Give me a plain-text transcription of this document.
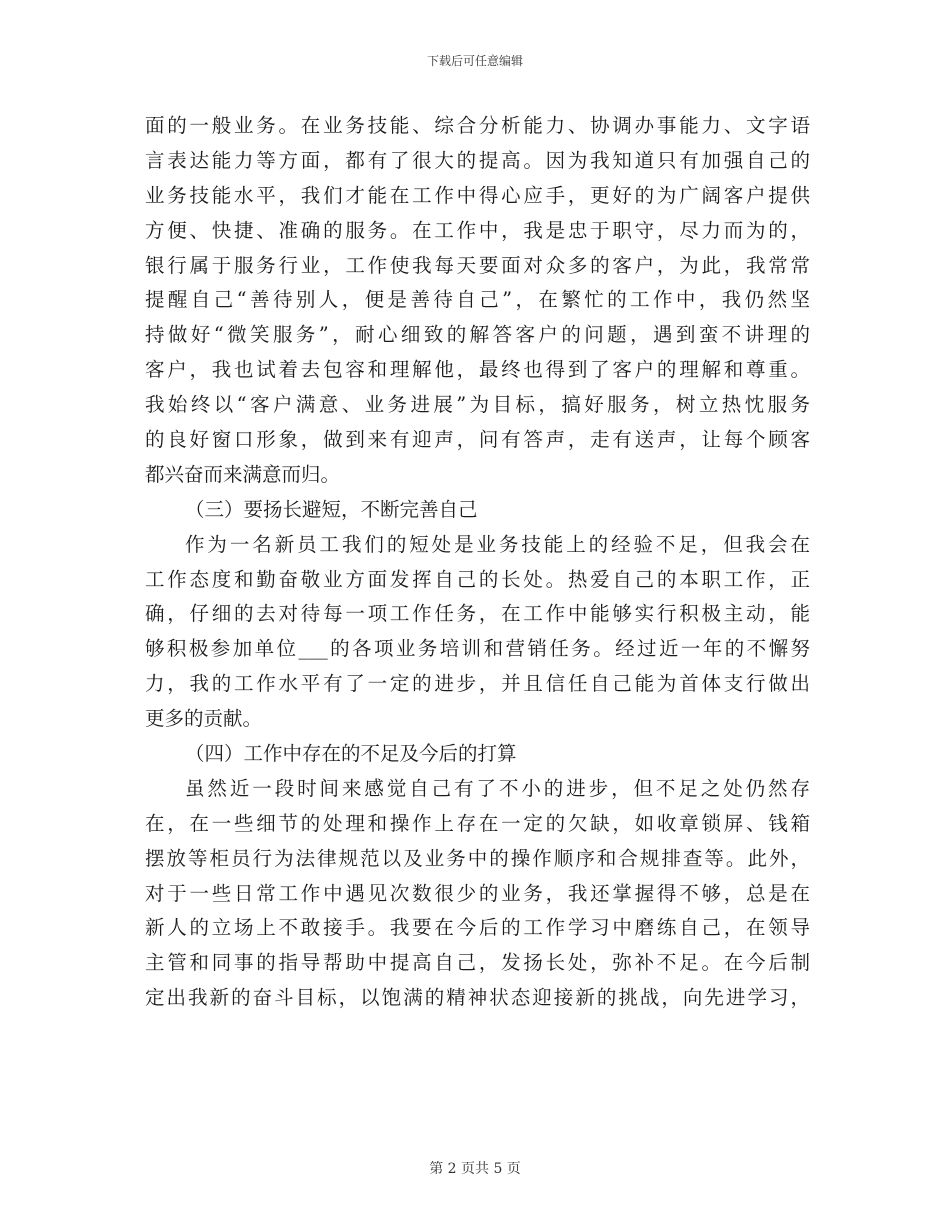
下载后可任意编辑
面的一般业务。在业务技能、综合分析能力、协调办事能力、文字语
言表达能力等方面，都有了很大的提高。因为我知道只有加强自己的
业务技能水平，我们才能在工作中得心应手，更好的为广阔客户提供
方便、快捷、准确的服务。在工作中，我是忠于职守，尽力而为的，
银行属于服务行业，工作使我每天要面对众多的客户，为此，我常常
提醒自己“善待别人，便是善待自己”，在繁忙的工作中，我仍然坚
持做好“微笑服务”，耐心细致的解答客户的问题，遇到蛮不讲理的
客户，我也试着去包容和理解他，最终也得到了客户的理解和尊重。
我始终以“客户满意、业务进展”为目标，搞好服务，树立热忱服务
的良好窗口形象，做到来有迎声，问有答声，走有送声，让每个顾客
都兴奋而来满意而归。
（三）要扬长避短，不断完善自己
作为一名新员工我们的短处是业务技能上的经验不足，但我会在
工作态度和勤奋敬业方面发挥自己的长处。热爱自己的本职工作，正
确，仔细的去对待每一项工作任务，在工作中能够实行积极主动，能
够积极参加单位___的各项业务培训和营销任务。经过近一年的不懈努
力，我的工作水平有了一定的进步，并且信任自己能为首体支行做出
更多的贡献。
（四）工作中存在的不足及今后的打算
虽然近一段时间来感觉自己有了不小的进步，但不足之处仍然存
在，在一些细节的处理和操作上存在一定的欠缺，如收章锁屏、钱箱
摆放等柜员行为法律规范以及业务中的操作顺序和合规排查等。此外，
对于一些日常工作中遇见次数很少的业务，我还掌握得不够，总是在
新人的立场上不敢接手。我要在今后的工作学习中磨练自己，在领导
主管和同事的指导帮助中提高自己，发扬长处，弥补不足。在今后制
定出我新的奋斗目标，以饱满的精神状态迎接新的挑战，向先进学习，
第 2 页共 5 页
